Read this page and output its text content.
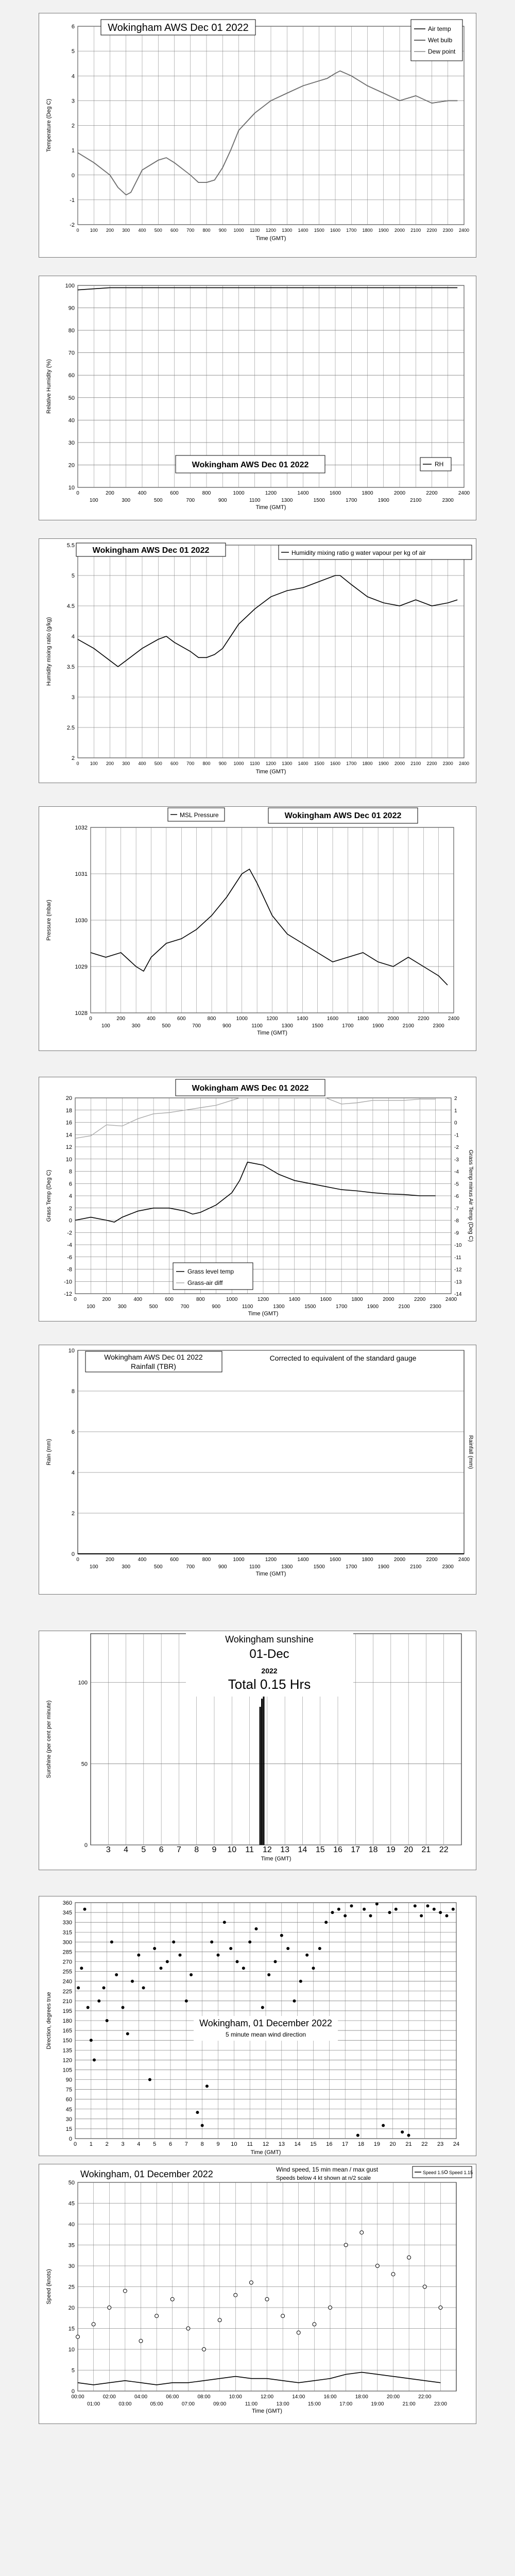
-2
-1
0
1
2
3
4
5
6
0 100 200 300 400 500 600 700 800 900 1000 1100 1200 1300 1400 1500 1600 1700 1800 1900 2000 2100 2200 2300 2400
Time (GMT)
Temperature (Deg C)
Wokingham AWS Dec 01 2022	Air temp
Wet bulb
Dew point
10
20
30
40
50
60
70
80
90
100
0
100
200
300
400
500
600
700
800
900
1000
1100
1200
1300
1400
1500
1600
1700
1800
1900
2000
2100
2200
2300
2400
Time (GMT)
Relative Humidity (%)
Wokingham AWS Dec 01 2022	RH
2
2.5
3
3.5
4
4.5
5
5.5
0 100 200 300 400 500 600 700 800 900 1000 1100 1200 1300 1400 1500 1600 1700 1800 1900 2000 2100 2200 2300 2400
Time (GMT)
Humidity mixing ratio (g/kg)
Wokingham AWS Dec 01 2022	Humidity mixing ratio g water vapour per kg of air
1028
1029
1030
1031
1032
0
100
200
300
400
500
600
700
800
900
1000
1100
1200
1300
1400
1500
1600
1700
1800
1900
2000
2100
2200
2300
2400
Time (GMT)
Pressure (mbar)
MSL Pressure	Wokingham AWS Dec 01 2022
-12
-10
-8
-6
-4
-2
0
2
4
6
8
10
12
14
16
18
20
0
100
200
300
400
500
600
700
800
900
1000
1100
1200
1300
1400
1500
1600
1700
1800
1900
2000
2100
2200
2300
2400
Time (GMT)
Grass Temp (Deg C)
-14
-13
-12
-11
-10
-9
-8
-7
-6
-5
-4
-3
-2
-1
0
1
2
Grass Temp minus Air Temp (Deg C)
Wokingham AWS Dec 01 2022
Grass level temp
Grass-air diff
0
2
4
6
8
10
0
100
200
300
400
500
600
700
800
900
1000
1100
1200
1300
1400
1500
1600
1700
1800
1900
2000
2100
2200
2300
2400
Time (GMT)
Rain (mm)	Rainfall (mm)
Wokingham AWS Dec 01 2022
Rainfall (TBR)
Corrected to equivalent of the standard gauge
0
50
100
3 4 5 6 7 8 9 10 11 12 13 14 15 16 17 18 19 20 21 22
Time (GMT)
Sunshine (per cent per minute)
Wokingham sunshine
01-Dec
2022
Total 0.15 Hrs
0
15
30
45
60
75
90
105
120
135
150
165
180
195
210
225
240
255
270
285
300
315
330
345
360
0 1 2 3 4 5 6 7 8 9 10 11 12 13 14 15 16 17 18 19 20 21 22 23 24
Time (GMT)
Direction, degrees true	Wokingham, 01 December 2022
5 minute mean wind direction
0
5
10
15
20
25
30
35
40
45
50
00:00
01:00
02:00
03:00
04:00
05:00
06:00
07:00
08:00
09:00
10:00
11:00
12:00
13:00
14:00
15:00
16:00
17:00
18:00
19:00
20:00
21:00
22:00
23:00
Time (GMT)
Speed (knots)
Wokingham, 01 December 2022	Wind speed, 15 min mean / max gust
Speeds below 4 kt shown at n/2 scale
Speed 1.5 Speed 1.15
